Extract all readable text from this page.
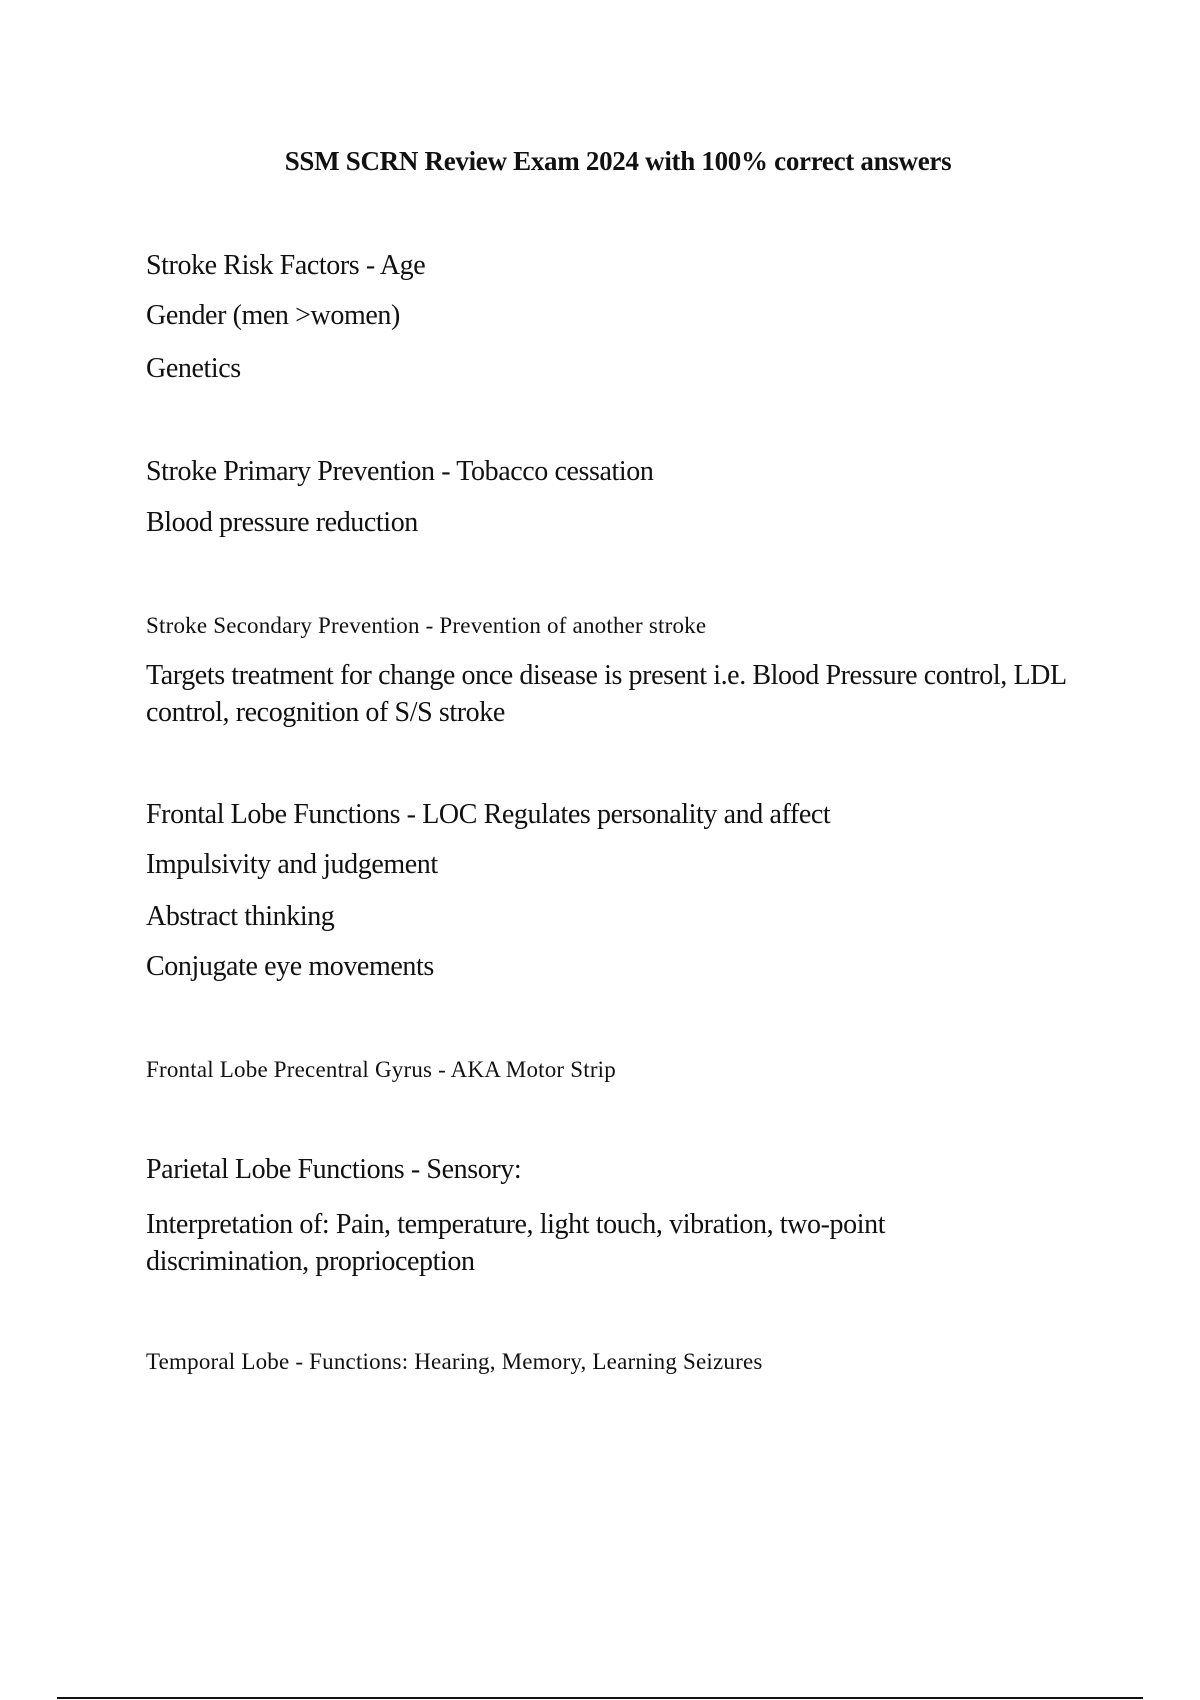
SSM SCRN Review Exam 2024 with 100% correct answers
Stroke Risk Factors - Age
Gender (men >women)
Genetics
Stroke Primary Prevention - Tobacco cessation
Blood pressure reduction
Stroke Secondary Prevention - Prevention of another stroke
Targets treatment for change once disease is present i.e. Blood Pressure control, LDL control, recognition of S/S stroke
Frontal Lobe Functions - LOC Regulates personality and affect
Impulsivity and judgement
Abstract thinking
Conjugate eye movements
Frontal Lobe Precentral Gyrus - AKA Motor Strip
Parietal Lobe Functions - Sensory:
Interpretation of: Pain, temperature, light touch, vibration, two-point discrimination, proprioception
Temporal Lobe - Functions: Hearing, Memory, Learning Seizures
